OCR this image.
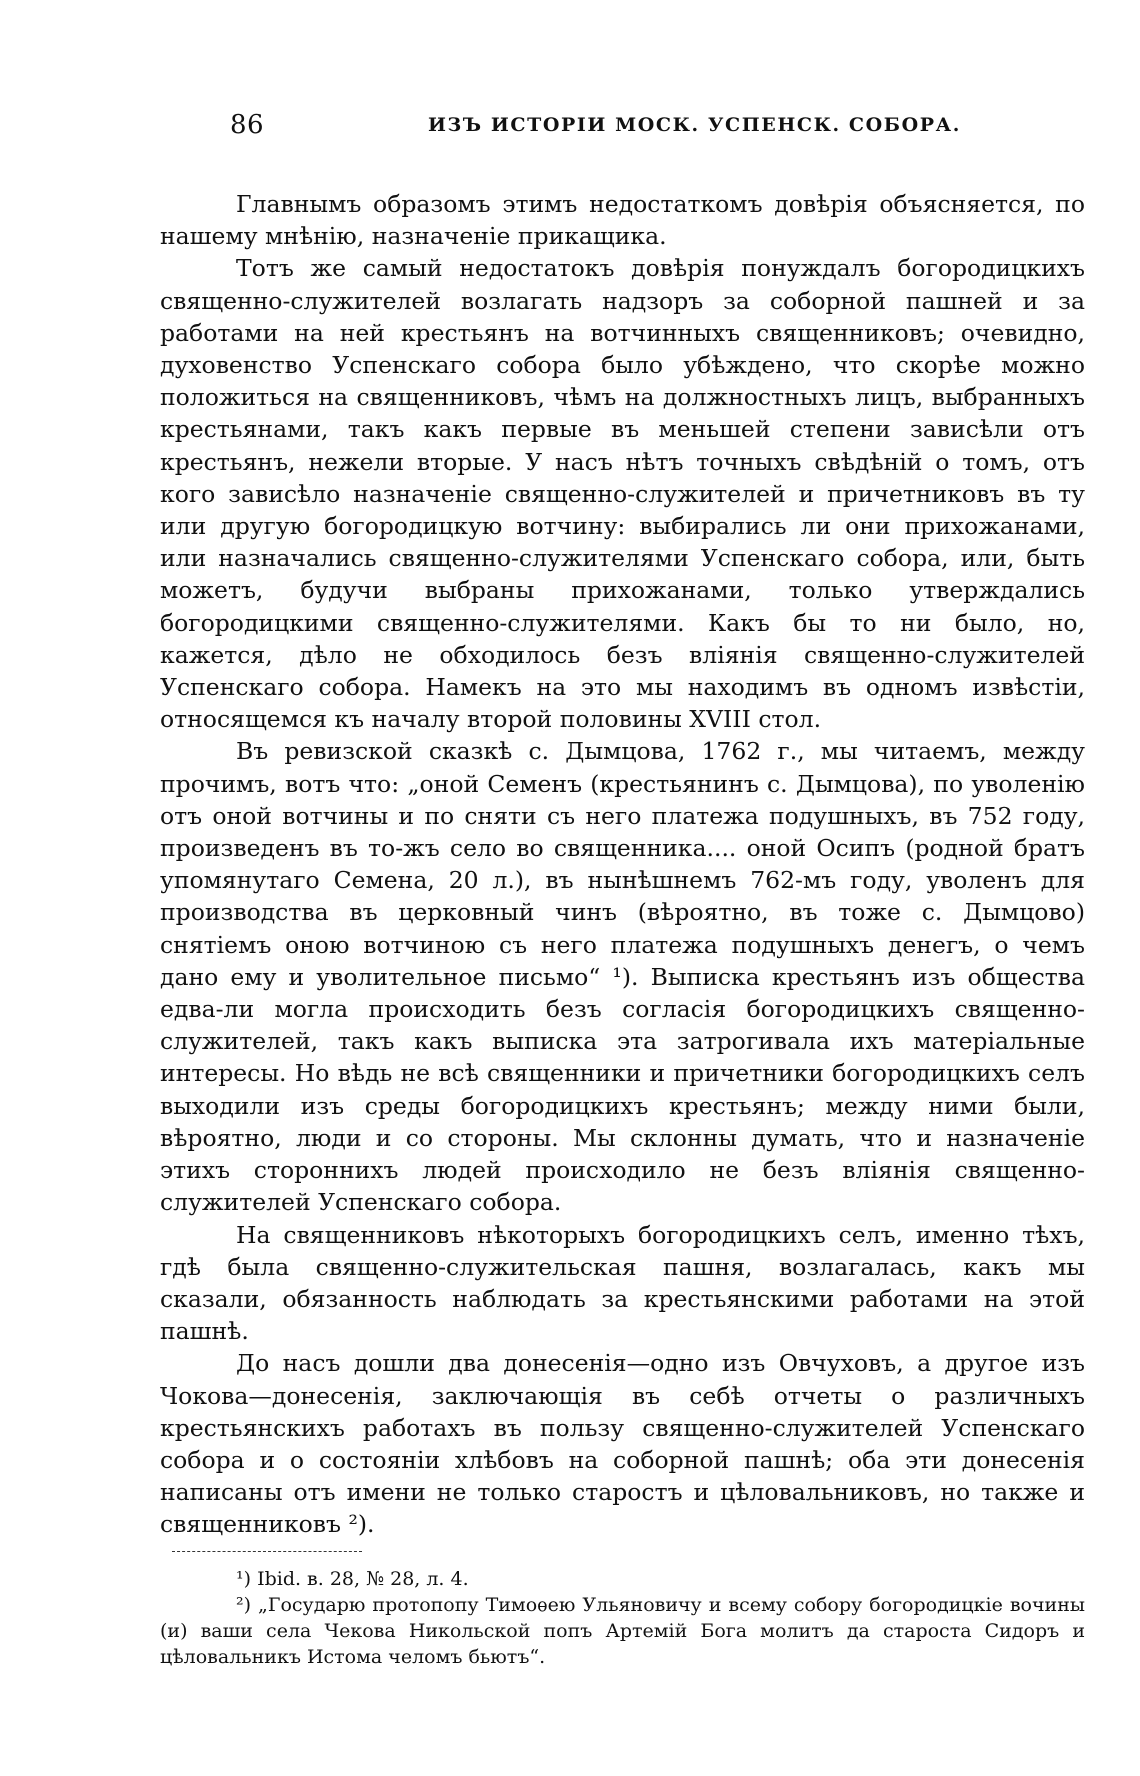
86	ИЗЪ ИСТОРIИ МОСК. УСПЕНСК. СОБОРА.

Главнымъ образомъ этимъ недостаткомъ довѣрія объясняется, по нашему мнѣнію, назначеніе прикащика.

Тотъ же самый недостатокъ довѣрія понуждалъ богородицкихъ священно-служителей возлагать надзоръ за соборной пашней и за работами на ней крестьянъ на вотчинныхъ священниковъ; очевидно, духовенство Успенскаго собора было убѣждено, что скорѣе можно положиться на священниковъ, чѣмъ на должностныхъ лицъ, выбранныхъ крестьянами, такъ какъ первые въ меньшей степени зависѣли отъ крестьянъ, нежели вторые. У насъ нѣтъ точныхъ свѣдѣній о томъ, отъ кого зависѣло назначеніе священно-служителей и причетниковъ въ ту или другую богородицкую вотчину: выбирались ли они прихожанами, или назначались священно-служителями Успенскаго собора, или, быть можетъ, будучи выбраны прихожанами, только утверждались богородицкими священно-служителями. Какъ бы то ни было, но, кажется, дѣло не обходилось безъ вліянія священно-служителей Успенскаго собора. Намекъ на это мы находимъ въ одномъ извѣстіи, относящемся къ началу второй половины XVIII стол.

Въ ревизской сказкѣ с. Дымцова, 1762 г., мы читаемъ, между прочимъ, вотъ что: „оной Семенъ (крестьянинъ с. Дымцова), по уволенію отъ оной вотчины и по сняти съ него платежа подушныхъ, въ 752 году, произведенъ въ то-жъ село во священника.... оной Осипъ (родной братъ упомянутаго Семена, 20 л.), въ нынѣшнемъ 762-мъ году, уволенъ для производства въ церковный чинъ (вѣроятно, въ тоже с. Дымцово) снятіемъ оною вотчиною съ него платежа подушныхъ денегъ, о чемъ дано ему и уволительное письмо“ ¹). Выписка крестьянъ изъ общества едва-ли могла происходить безъ согласія богородицкихъ священно-служителей, такъ какъ выписка эта затрогивала ихъ матеріальные интересы. Но вѣдь не всѣ священники и причетники богородицкихъ селъ выходили изъ среды богородицкихъ крестьянъ; между ними были, вѣроятно, люди и со стороны. Мы склонны думать, что и назначеніе этихъ стороннихъ людей происходило не безъ вліянія священно-служителей Успенскаго собора.

На священниковъ нѣкоторыхъ богородицкихъ селъ, именно тѣхъ, гдѣ была священно-служительская пашня, возлагалась, какъ мы сказали, обязанность наблюдать за крестьянскими работами на этой пашнѣ.

До насъ дошли два донесенія—одно изъ Овчуховъ, а другое изъ Чокова—донесенія, заключающія въ себѣ отчеты о различныхъ крестьянскихъ работахъ въ пользу священно-служителей Успенскаго собора и о состояніи хлѣбовъ на соборной пашнѣ; оба эти донесенія написаны отъ имени не только старостъ и цѣловальниковъ, но также и священниковъ ²).

¹) Ibid. в. 28, № 28, л. 4.

²) „Государю протопопу Тимоѳею Ульяновичу и всему собору богородицкіе вочины (и) ваши села Чекова Никольской попъ Артемій Бога молитъ да староста Сидоръ и цѣловальникъ Истома челомъ бьютъ“.
